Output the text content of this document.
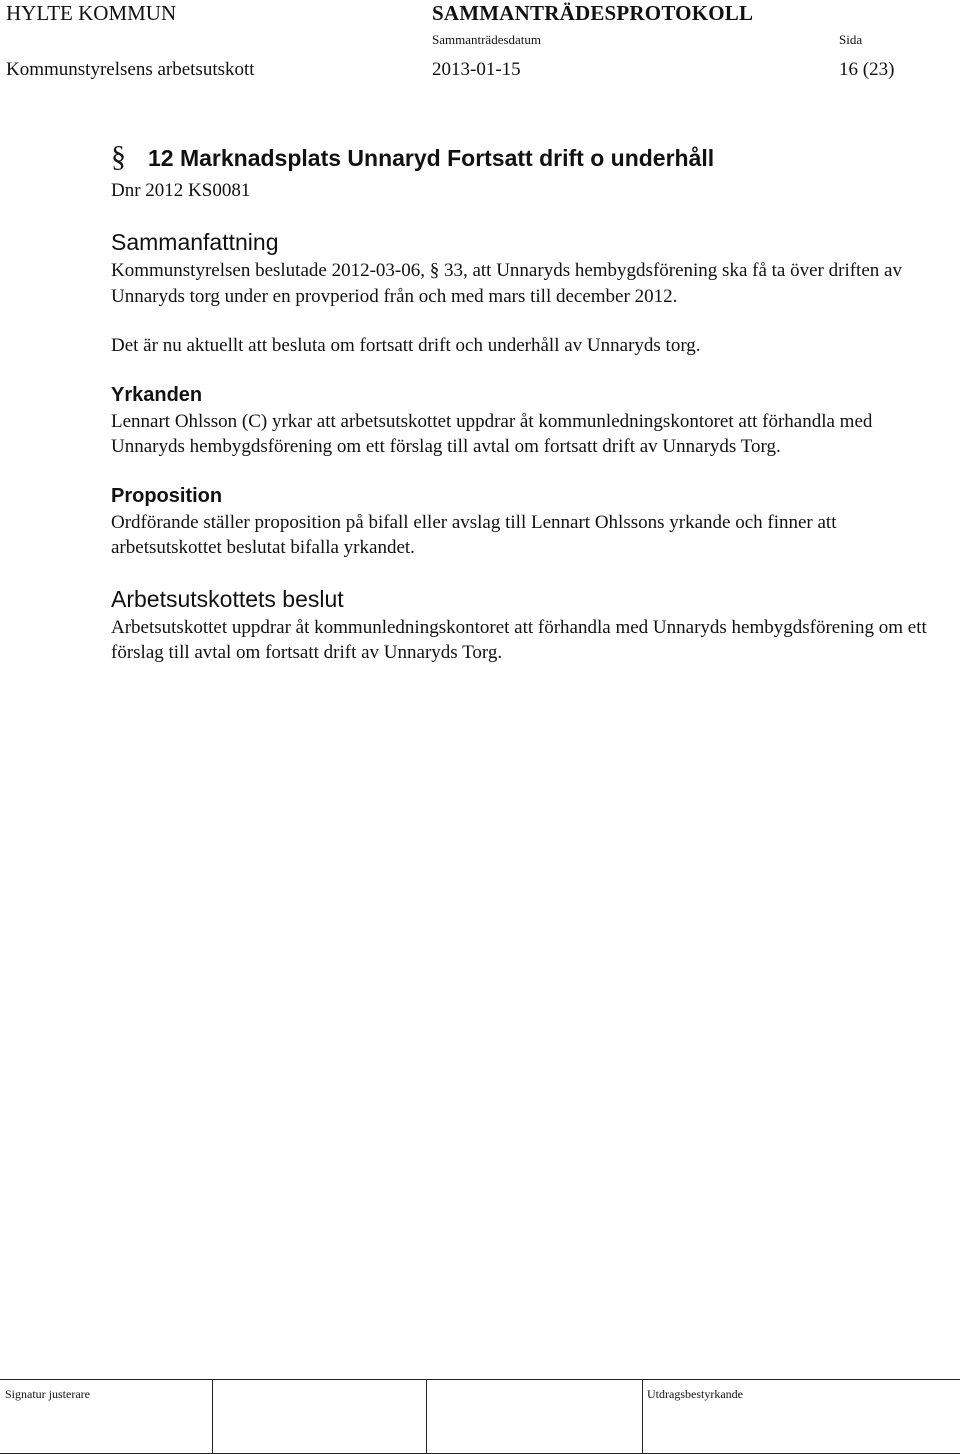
HYLTE KOMMUN	SAMMANTRÄDESPROTOKOLL
Sammanträdesdatum	Sida
Kommunstyrelsens arbetsutskott	2013-01-15	16 (23)
§ 12 Marknadsplats Unnaryd Fortsatt drift o underhåll
Dnr 2012 KS0081
Sammanfattning

Kommunstyrelsen beslutade 2012-03-06, § 33, att Unnaryds hembygdsförening ska få ta över driften av Unnaryds torg under en provperiod från och med mars till december 2012.

Det är nu aktuellt att besluta om fortsatt drift och underhåll av Unnaryds torg.

Yrkanden

Lennart Ohlsson (C) yrkar att arbetsutskottet uppdrar åt kommunledningskontoret att förhandla med Unnaryds hembygdsförening om ett förslag till avtal om fortsatt drift av Unnaryds Torg.

Proposition

Ordförande ställer proposition på bifall eller avslag till Lennart Ohlssons yrkande och finner att arbetsutskottet beslutat bifalla yrkandet.

Arbetsutskottets beslut

Arbetsutskottet uppdrar åt kommunledningskontoret att förhandla med Unnaryds hembygdsförening om ett förslag till avtal om fortsatt drift av Unnaryds Torg.

Signatur justerare	Utdragsbestyrkande
